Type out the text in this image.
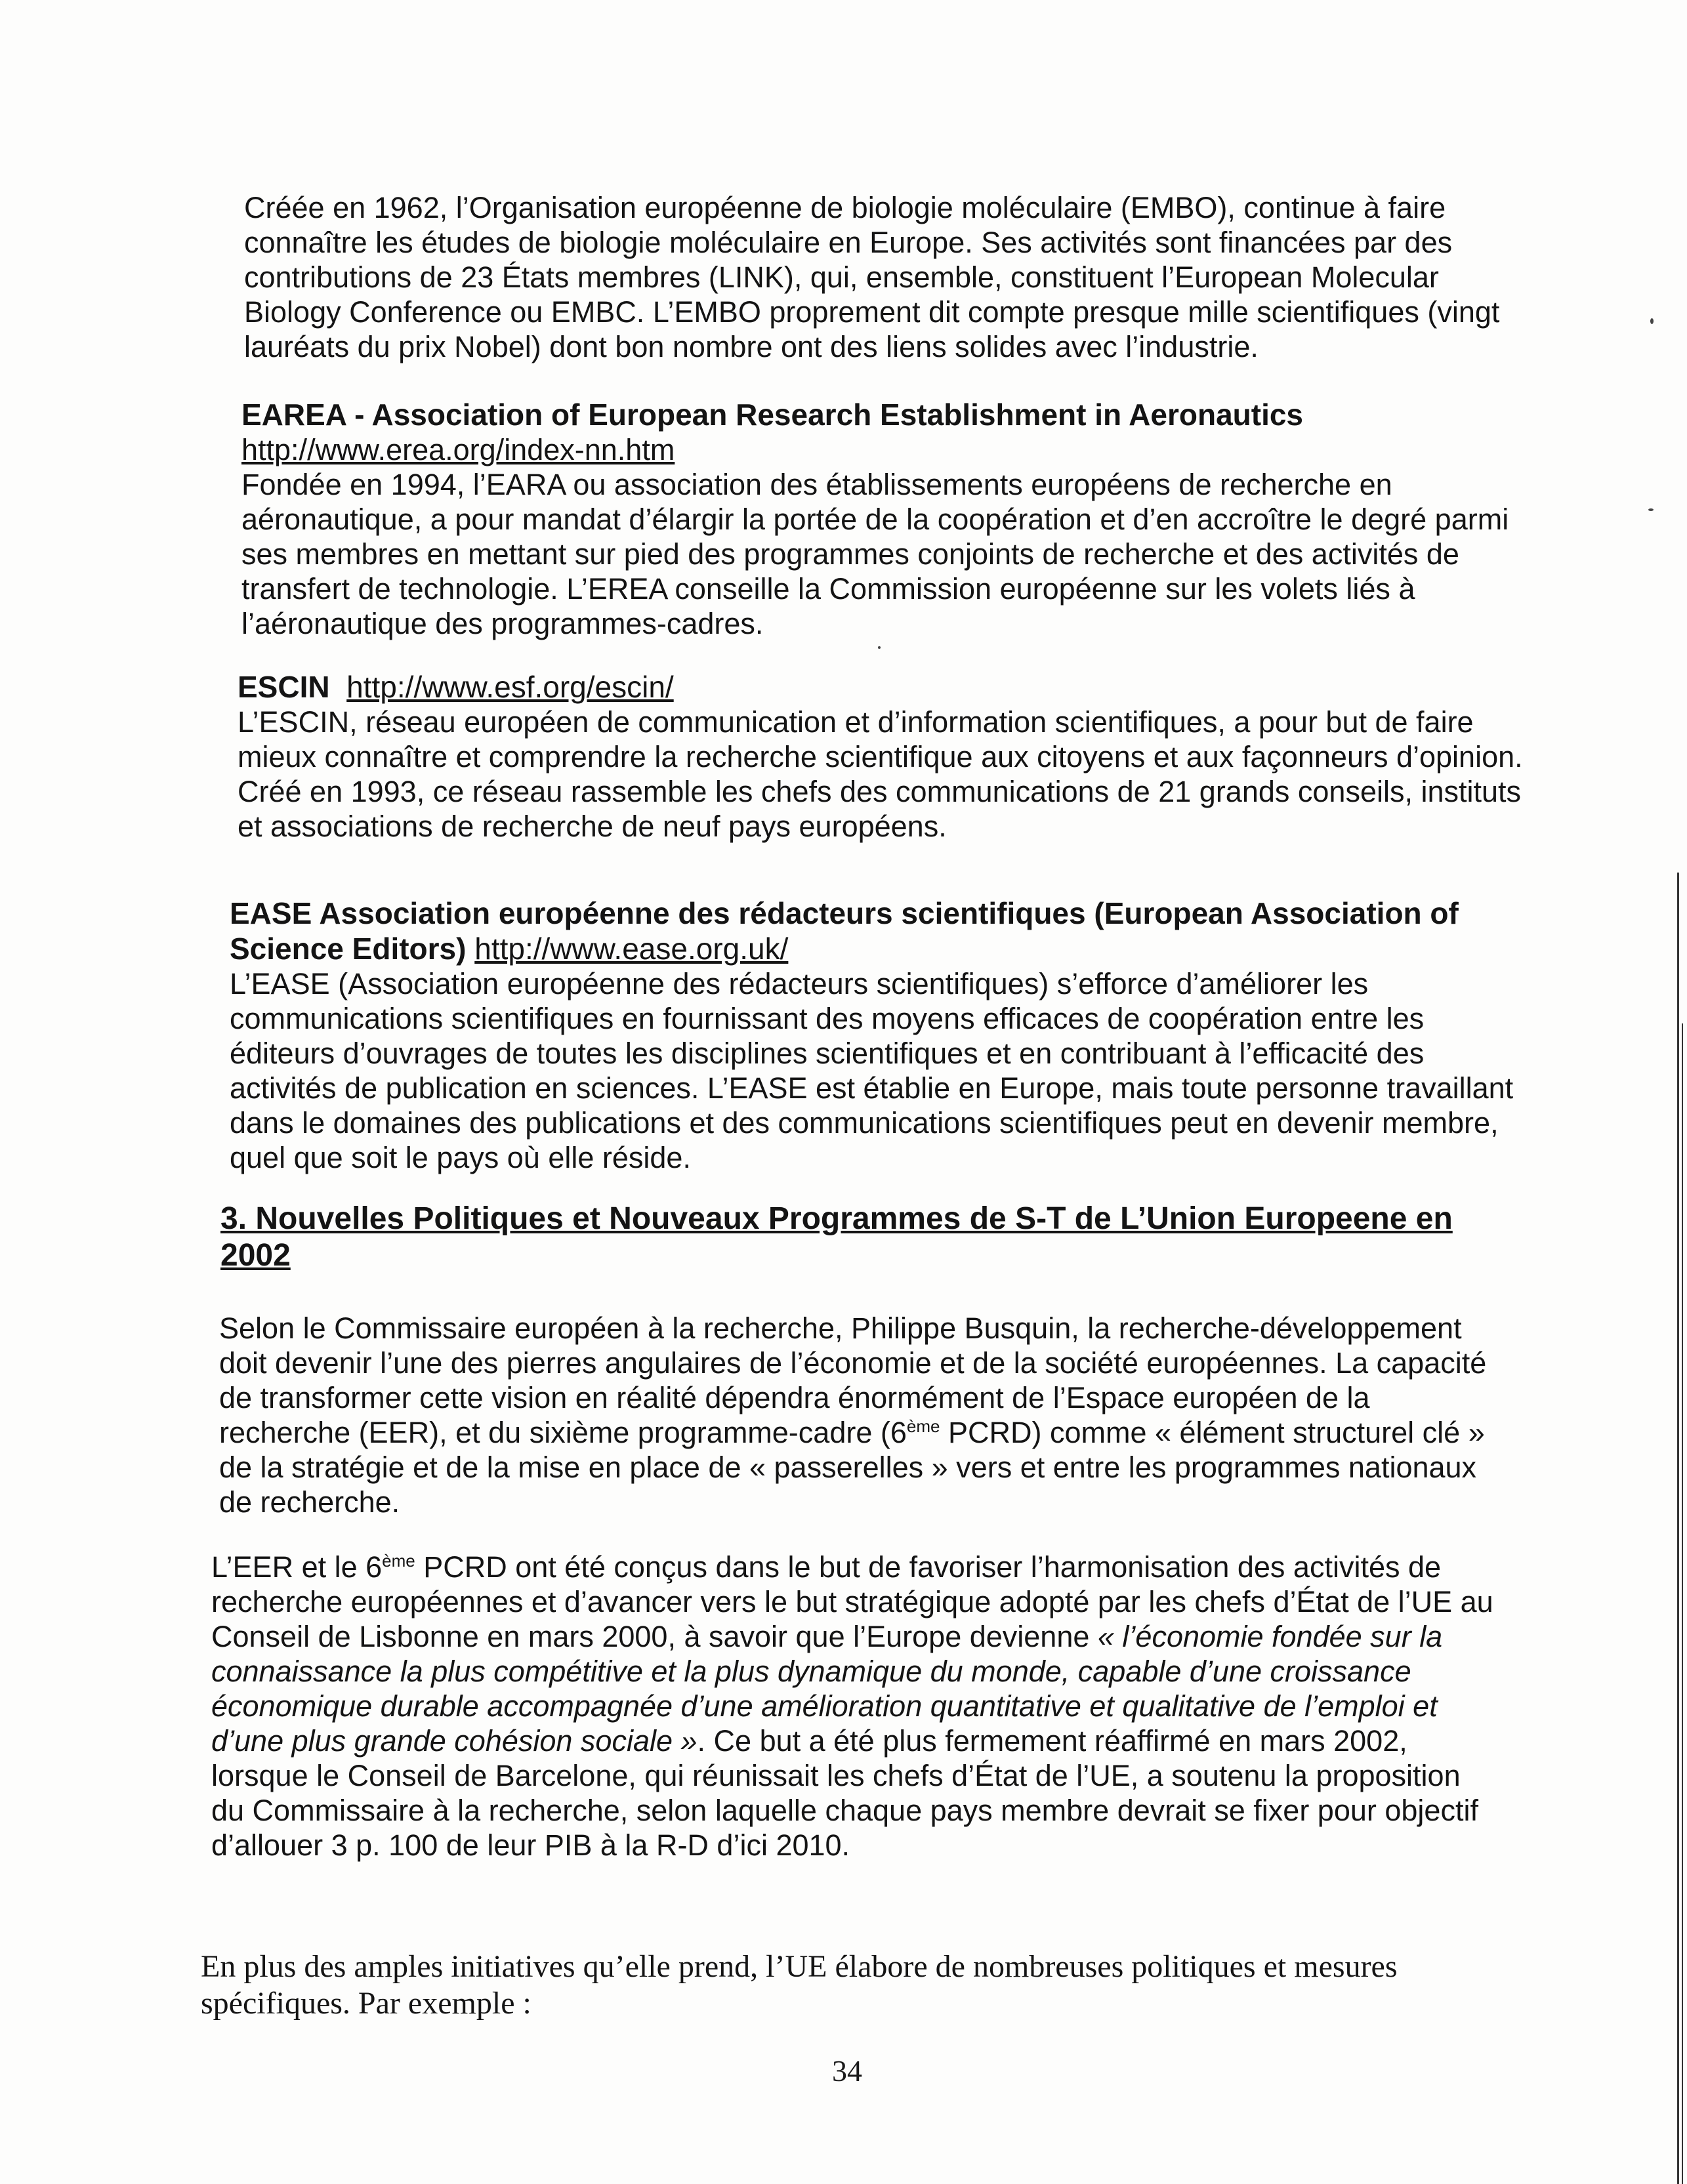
Créée en 1962, l’Organisation européenne de biologie moléculaire (EMBO), continue à faire connaître les études de biologie moléculaire en Europe. Ses activités sont financées par des contributions de 23 États membres (LINK), qui, ensemble, constituent l’European Molecular Biology Conference ou EMBC. L’EMBO proprement dit compte presque mille scientifiques (vingt lauréats du prix Nobel) dont bon nombre ont des liens solides avec l’industrie.

EAREA - Association of European Research Establishment in Aeronautics

http://www.erea.org/index-nn.htm

Fondée en 1994, l’EARA ou association des établissements européens de recherche en aéronautique, a pour mandat d’élargir la portée de la coopération et d’en accroître le degré parmi ses membres en mettant sur pied des programmes conjoints de recherche et des activités de transfert de technologie. L’EREA conseille la Commission européenne sur les volets liés à l’aéronautique des programmes-cadres.

ESCIN http://www.esf.org/escin/

L’ESCIN, réseau européen de communication et d’information scientifiques, a pour but de faire mieux connaître et comprendre la recherche scientifique aux citoyens et aux façonneurs d’opinion. Créé en 1993, ce réseau rassemble les chefs des communications de 21 grands conseils, instituts et associations de recherche de neuf pays européens.

EASE Association européenne des rédacteurs scientifiques (European Association of Science Editors) http://www.ease.org.uk/

L’EASE (Association européenne des rédacteurs scientifiques) s’efforce d’améliorer les communications scientifiques en fournissant des moyens efficaces de coopération entre les éditeurs d’ouvrages de toutes les disciplines scientifiques et en contribuant à l’efficacité des activités de publication en sciences. L’EASE est établie en Europe, mais toute personne travaillant dans le domaines des publications et des communications scientifiques peut en devenir membre, quel que soit le pays où elle réside.

3. Nouvelles Politiques et Nouveaux Programmes de S-T de L’Union Europeene en 2002

Selon le Commissaire européen à la recherche, Philippe Busquin, la recherche-développement doit devenir l’une des pierres angulaires de l’économie et de la société européennes. La capacité de transformer cette vision en réalité dépendra énormément de l’Espace européen de la recherche (EER), et du sixième programme-cadre (6ème PCRD) comme « élément structurel clé » de la stratégie et de la mise en place de « passerelles » vers et entre les programmes nationaux de recherche.

L’EER et le 6ème PCRD ont été conçus dans le but de favoriser l’harmonisation des activités de recherche européennes et d’avancer vers le but stratégique adopté par les chefs d’État de l’UE au Conseil de Lisbonne en mars 2000, à savoir que l’Europe devienne « l’économie fondée sur la connaissance la plus compétitive et la plus dynamique du monde, capable d’une croissance économique durable accompagnée d’une amélioration quantitative et qualitative de l’emploi et d’une plus grande cohésion sociale ». Ce but a été plus fermement réaffirmé en mars 2002, lorsque le Conseil de Barcelone, qui réunissait les chefs d’État de l’UE, a soutenu la proposition du Commissaire à la recherche, selon laquelle chaque pays membre devrait se fixer pour objectif d’allouer 3 p. 100 de leur PIB à la R-D d’ici 2010.

En plus des amples initiatives qu’elle prend, l’UE élabore de nombreuses politiques et mesures spécifiques. Par exemple :

34
